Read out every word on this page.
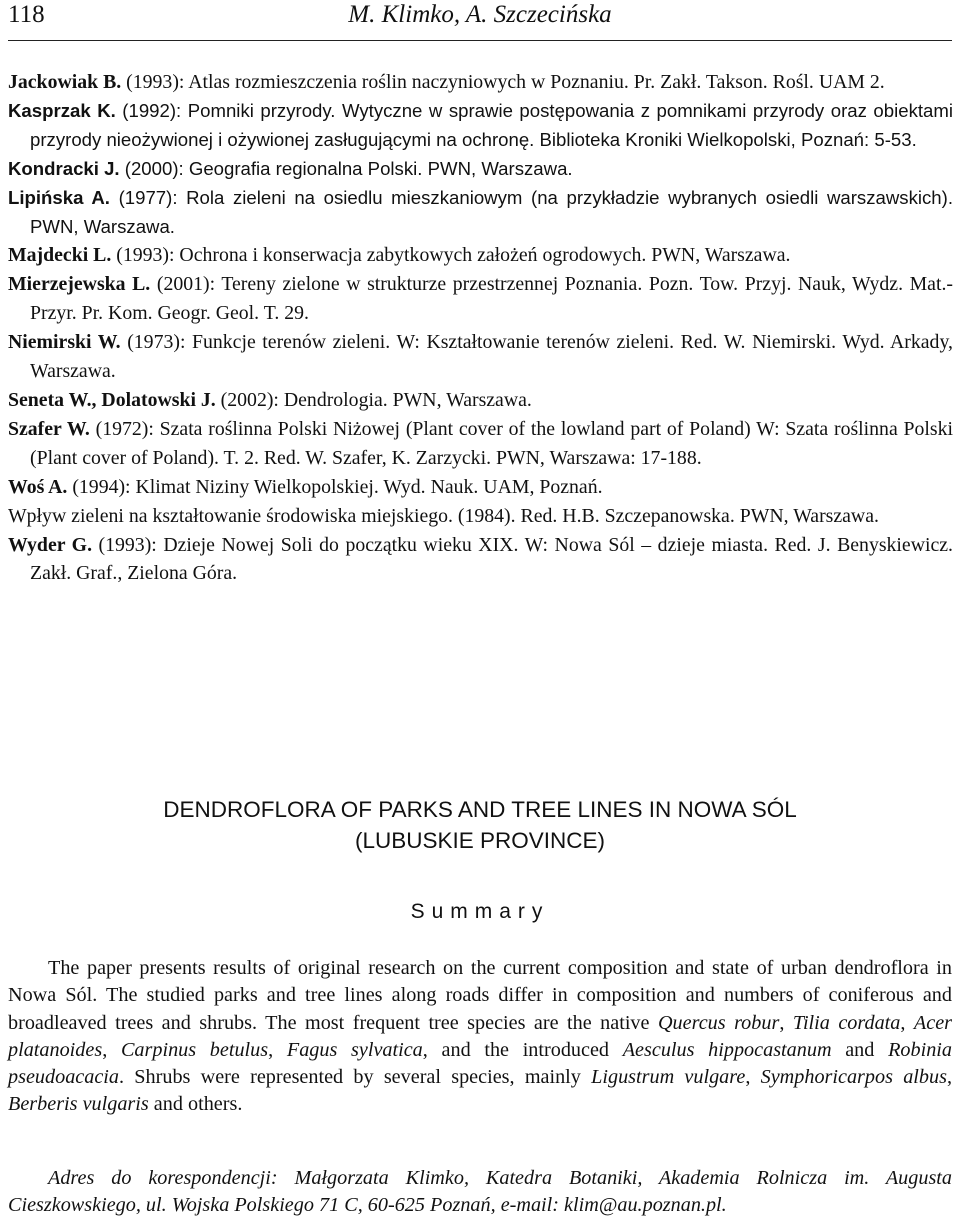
118	M. Klimko, A. Szczecińska
Jackowiak B. (1993): Atlas rozmieszczenia roślin naczyniowych w Poznaniu. Pr. Zakł. Takson. Rośl. UAM 2.
Kasprzak K. (1992): Pomniki przyrody. Wytyczne w sprawie postępowania z pomnikami przyrody oraz obiektami przyrody nieożywionej i ożywionej zasługującymi na ochronę. Biblioteka Kroniki Wielkopolski, Poznań: 5-53.
Kondracki J. (2000): Geografia regionalna Polski. PWN, Warszawa.
Lipińska A. (1977): Rola zieleni na osiedlu mieszkaniowym (na przykładzie wybranych osiedli warszawskich). PWN, Warszawa.
Majdecki L. (1993): Ochrona i konserwacja zabytkowych założeń ogrodowych. PWN, Warszawa.
Mierzejewska L. (2001): Tereny zielone w strukturze przestrzennej Poznania. Pozn. Tow. Przyj. Nauk, Wydz. Mat.-Przyr. Pr. Kom. Geogr. Geol. T. 29.
Niemirski W. (1973): Funkcje terenów zieleni. W: Kształtowanie terenów zieleni. Red. W. Niemirski. Wyd. Arkady, Warszawa.
Seneta W., Dolatowski J. (2002): Dendrologia. PWN, Warszawa.
Szafer W. (1972): Szata roślinna Polski Niżowej (Plant cover of the lowland part of Poland) W: Szata roślinna Polski (Plant cover of Poland). T. 2. Red. W. Szafer, K. Zarzycki. PWN, Warszawa: 17-188.
Woś A. (1994): Klimat Niziny Wielkopolskiej. Wyd. Nauk. UAM, Poznań.
Wpływ zieleni na kształtowanie środowiska miejskiego. (1984). Red. H.B. Szczepanowska. PWN, Warszawa.
Wyder G. (1993): Dzieje Nowej Soli do początku wieku XIX. W: Nowa Sól – dzieje miasta. Red. J. Benyskiewicz. Zakł. Graf., Zielona Góra.
DENDROFLORA OF PARKS AND TREE LINES IN NOWA SÓL
(LUBUSKIE PROVINCE)
Summary
The paper presents results of original research on the current composition and state of urban dendroflora in Nowa Sól. The studied parks and tree lines along roads differ in composition and numbers of coniferous and broadleaved trees and shrubs. The most frequent tree species are the native Quercus robur, Tilia cordata, Acer platanoides, Carpinus betulus, Fagus sylvatica, and the introduced Aesculus hippocastanum and Robinia pseudoacacia. Shrubs were represented by several species, mainly Ligustrum vulgare, Symphoricarpos albus, Berberis vulgaris and others.
Adres do korespondencji: Małgorzata Klimko, Katedra Botaniki, Akademia Rolnicza im. Augusta Cieszkowskiego, ul. Wojska Polskiego 71 C, 60-625 Poznań, e-mail: klim@au.poznan.pl.
